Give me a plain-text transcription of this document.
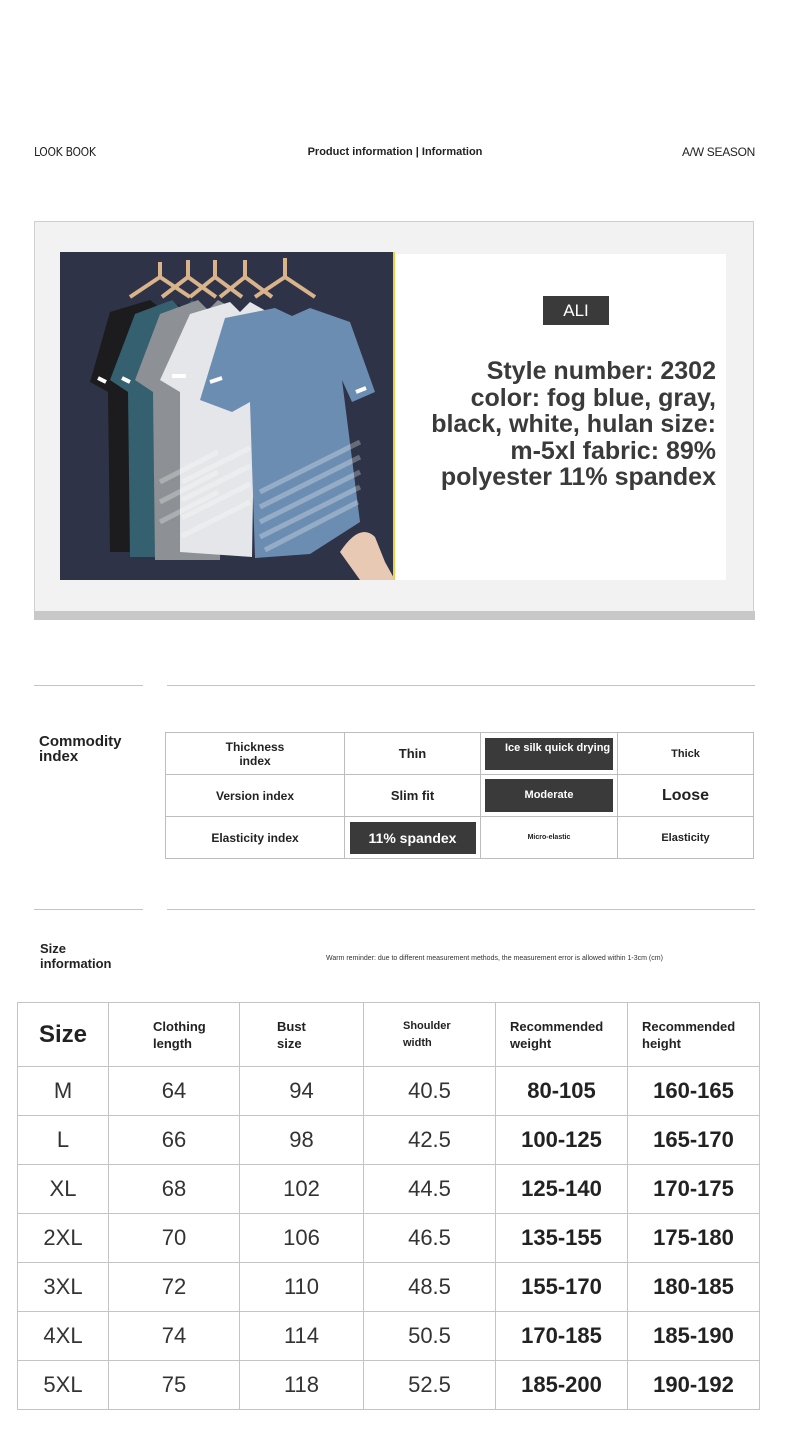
LOOK BOOK	Product information | Information	A/W SEASON
ALI
Style number: 2302 color: fog blue, gray, black, white, hulan size: m-5xl fabric: 89% polyester 11% spandex
Commodity index
Thickness index	Thin	Ice silk quick drying	Thick
Version index	Slim fit	Moderate	Loose
Elasticity index	11% spandex	Micro-elastic	Elasticity
Size information	Warm reminder: due to different measurement methods, the measurement error is allowed within 1-3cm (cm)
Size	Clothing length	Bust size	Shoulder width	Recommended weight	Recommended height
M	64	94	40.5	80-105	160-165
L	66	98	42.5	100-125	165-170
XL	68	102	44.5	125-140	170-175
2XL	70	106	46.5	135-155	175-180
3XL	72	110	48.5	155-170	180-185
4XL	74	114	50.5	170-185	185-190
5XL	75	118	52.5	185-200	190-192
